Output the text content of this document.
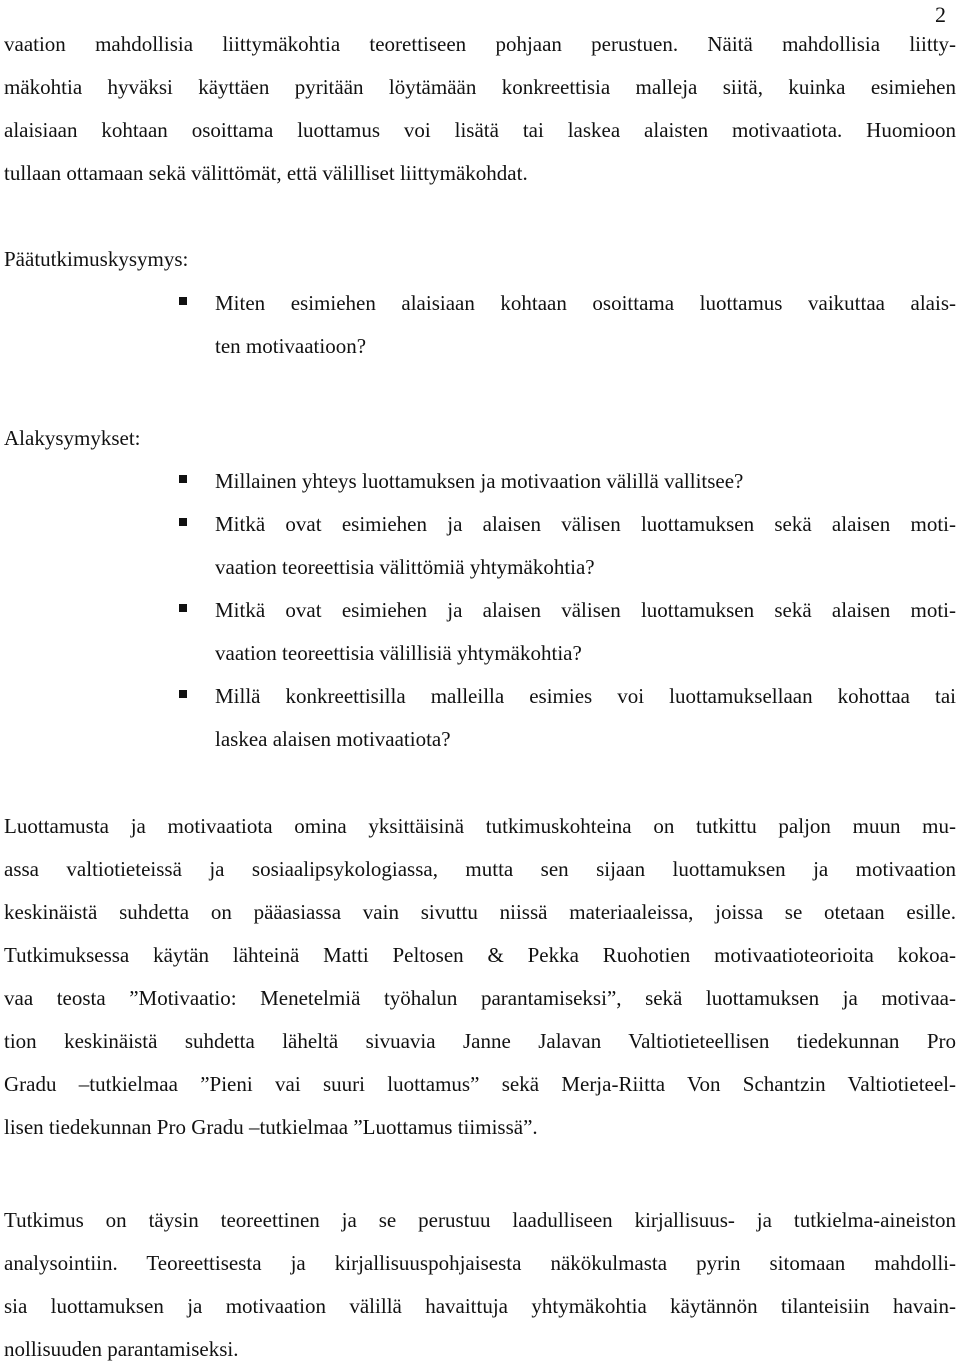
2
vaation mahdollisia liittymäkohtia teorettiseen pohjaan perustuen. Näitä mahdollisia liitty-
mäkohtia hyväksi käyttäen pyritään löytämään konkreettisia malleja siitä, kuinka esimiehen
alaisiaan kohtaan osoittama luottamus voi lisätä tai laskea alaisten motivaatiota. Huomioon
tullaan ottamaan sekä välittömät, että välilliset liittymäkohdat.
Päätutkimuskysymys:
Miten esimiehen alaisiaan kohtaan osoittama luottamus vaikuttaa alais-
ten motivaatioon?
Alakysymykset:
Millainen yhteys luottamuksen ja motivaation välillä vallitsee?
Mitkä ovat esimiehen ja alaisen välisen luottamuksen sekä alaisen moti-
vaation teoreettisia välittömiä yhtymäkohtia?
Mitkä ovat esimiehen ja alaisen välisen luottamuksen sekä alaisen moti-
vaation teoreettisia välillisiä yhtymäkohtia?
Millä konkreettisilla malleilla esimies voi luottamuksellaan kohottaa tai
laskea alaisen motivaatiota?
Luottamusta ja motivaatiota omina yksittäisinä tutkimuskohteina on tutkittu paljon muun mu-
assa valtiotieteissä ja sosiaalipsykologiassa, mutta sen sijaan luottamuksen ja motivaation
keskinäistä suhdetta on pääasiassa vain sivuttu niissä materiaaleissa, joissa se otetaan esille.
Tutkimuksessa käytän lähteinä Matti Peltosen & Pekka Ruohotien motivaatioteorioita kokoa-
vaa teosta ”Motivaatio: Menetelmiä työhalun parantamiseksi”, sekä luottamuksen ja motivaa-
tion keskinäistä suhdetta läheltä sivuavia Janne Jalavan Valtiotieteellisen tiedekunnan Pro
Gradu –tutkielmaa ”Pieni vai suuri luottamus” sekä Merja-Riitta Von Schantzin Valtiotieteel-
lisen tiedekunnan Pro Gradu –tutkielmaa ”Luottamus tiimissä”.
Tutkimus on täysin teoreettinen ja se perustuu laadulliseen kirjallisuus- ja tutkielma-aineiston
analysointiin. Teoreettisesta ja kirjallisuuspohjaisesta näkökulmasta pyrin sitomaan mahdolli-
sia luottamuksen ja motivaation välillä havaittuja yhtymäkohtia käytännön tilanteisiin havain-
nollisuuden parantamiseksi.
